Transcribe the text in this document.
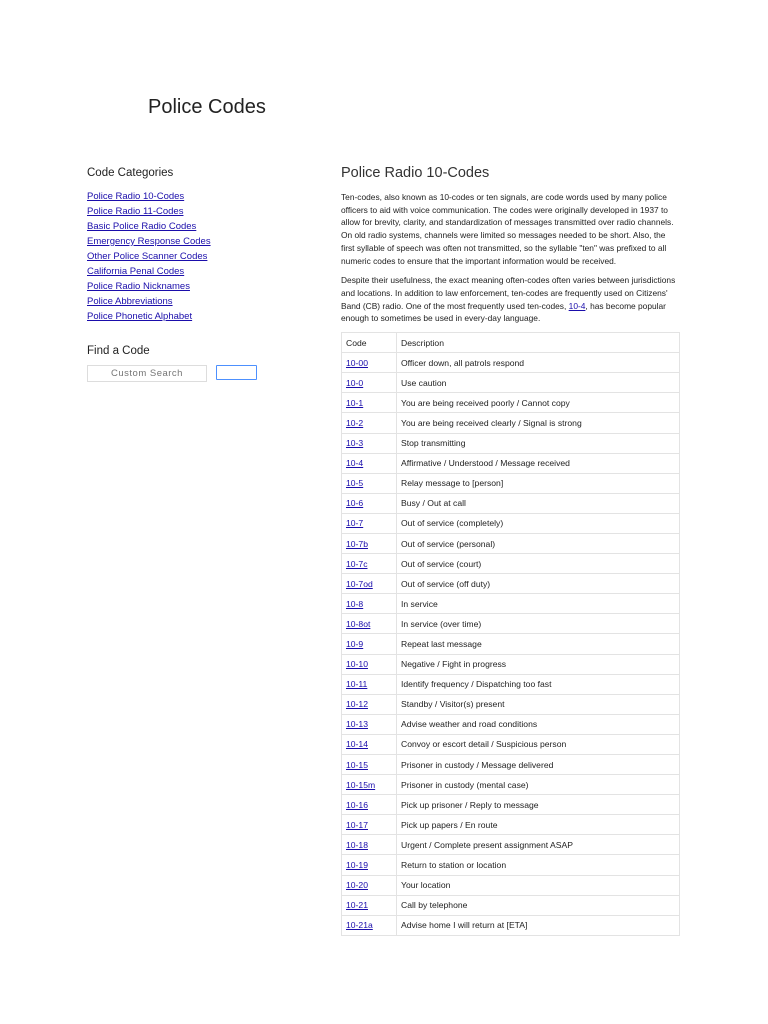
Police Codes
Code Categories
Police Radio 10-Codes
Police Radio 11-Codes
Basic Police Radio Codes
Emergency Response Codes
Other Police Scanner Codes
California Penal Codes
Police Radio Nicknames
Police Abbreviations
Police Phonetic Alphabet
Find a Code
Custom Search
Police Radio 10-Codes

Ten-codes, also known as 10-codes or ten signals, are code words used by many police officers to aid with voice communication. The codes were originally developed in 1937 to allow for brevity, clarity, and standardization of messages transmitted over radio channels. On old radio systems, channels were limited so messages needed to be short. Also, the first syllable of speech was often not transmitted, so the syllable "ten" was prefixed to all numeric codes to ensure that the important information would be received.

Despite their usefulness, the exact meaning often-codes often varies between jurisdictions and locations. In addition to law enforcement, ten-codes are frequently used on Citizens' Band (CB) radio. One of the most frequently used ten-codes, 10-4, has become popular enough to sometimes be used in every-day language.

Code	Description
10-00	Officer down, all patrols respond
10-0	Use caution
10-1	You are being received poorly / Cannot copy
10-2	You are being received clearly / Signal is strong
10-3	Stop transmitting
10-4	Affirmative / Understood / Message received
10-5	Relay message to [person]
10-6	Busy / Out at call
10-7	Out of service (completely)
10-7b	Out of service (personal)
10-7c	Out of service (court)
10-7od	Out of service (off duty)
10-8	In service
10-8ot	In service (over time)
10-9	Repeat last message
10-10	Negative / Fight in progress
10-11	Identify frequency / Dispatching too fast
10-12	Standby / Visitor(s) present
10-13	Advise weather and road conditions
10-14	Convoy or escort detail / Suspicious person
10-15	Prisoner in custody / Message delivered
10-15m	Prisoner in custody (mental case)
10-16	Pick up prisoner / Reply to message
10-17	Pick up papers / En route
10-18	Urgent / Complete present assignment ASAP
10-19	Return to station or location
10-20	Your location
10-21	Call by telephone
10-21a	Advise home I will return at [ETA]
